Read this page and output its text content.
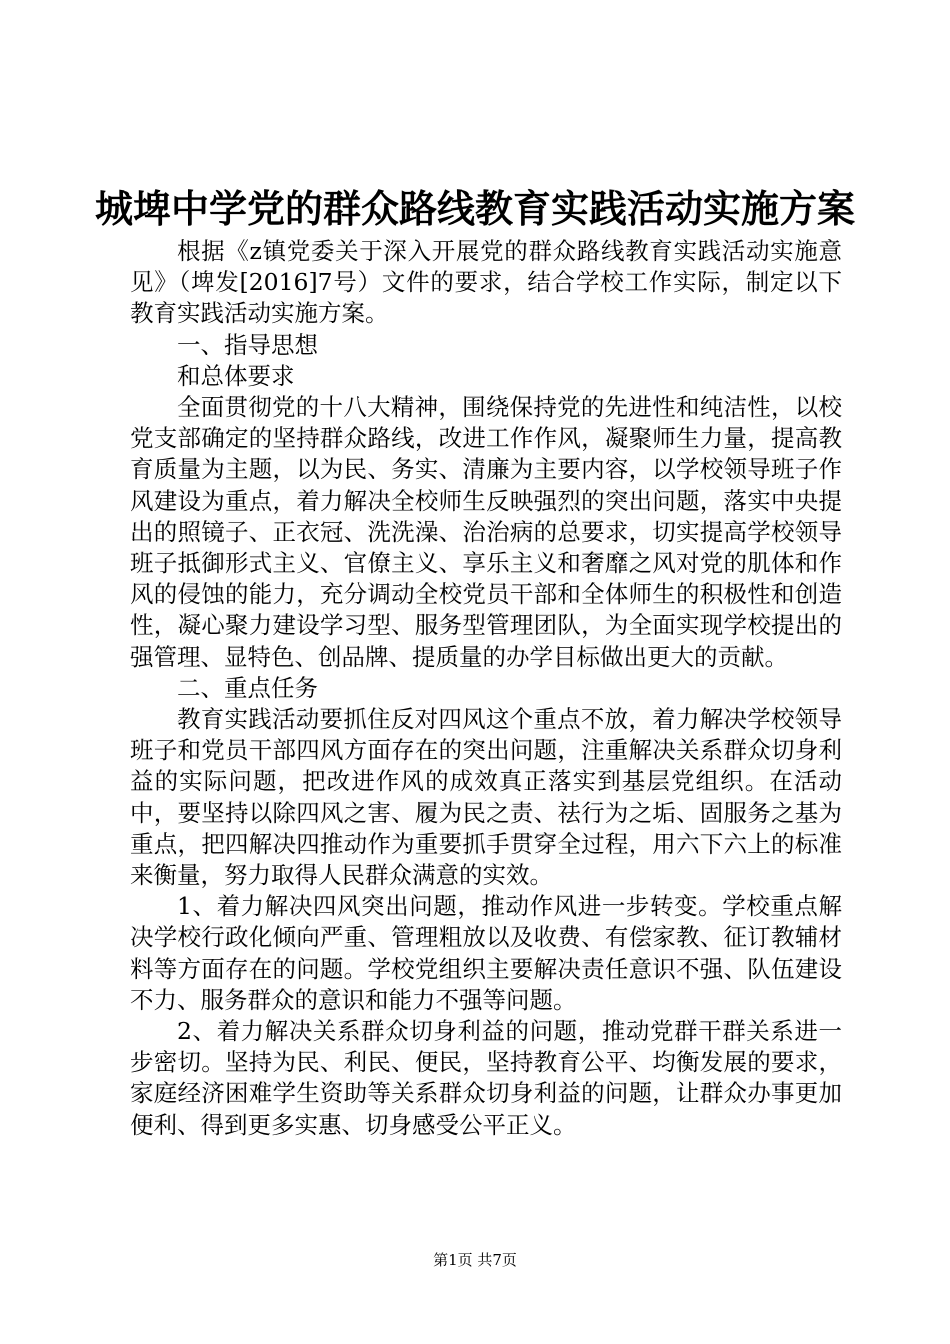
城埤中学党的群众路线教育实践活动实施方案

根据《z镇党委关于深入开展党的群众路线教育实践活动实施意见》（埤发[2016]7号）文件的要求，结合学校工作实际，制定以下教育实践活动实施方案。

一、指导思想

和总体要求

全面贯彻党的十八大精神，围绕保持党的先进性和纯洁性，以校党支部确定的坚持群众路线，改进工作作风，凝聚师生力量，提高教育质量为主题，以为民、务实、清廉为主要内容，以学校领导班子作风建设为重点，着力解决全校师生反映强烈的突出问题，落实中央提出的照镜子、正衣冠、洗洗澡、治治病的总要求，切实提高学校领导班子抵御形式主义、官僚主义、享乐主义和奢靡之风对党的肌体和作风的侵蚀的能力，充分调动全校党员干部和全体师生的积极性和创造性，凝心聚力建设学习型、服务型管理团队，为全面实现学校提出的强管理、显特色、创品牌、提质量的办学目标做出更大的贡献。

二、重点任务

教育实践活动要抓住反对四风这个重点不放，着力解决学校领导班子和党员干部四风方面存在的突出问题，注重解决关系群众切身利益的实际问题，把改进作风的成效真正落实到基层党组织。在活动中，要坚持以除四风之害、履为民之责、祛行为之垢、固服务之基为重点，把四解决四推动作为重要抓手贯穿全过程，用六下六上的标准来衡量，努力取得人民群众满意的实效。

1、着力解决四风突出问题，推动作风进一步转变。学校重点解决学校行政化倾向严重、管理粗放以及收费、有偿家教、征订教辅材料等方面存在的问题。学校党组织主要解决责任意识不强、队伍建设不力、服务群众的意识和能力不强等问题。

2、着力解决关系群众切身利益的问题，推动党群干群关系进一步密切。坚持为民、利民、便民，坚持教育公平、均衡发展的要求，家庭经济困难学生资助等关系群众切身利益的问题，让群众办事更加便利、得到更多实惠、切身感受公平正义。

第1页 共7页
